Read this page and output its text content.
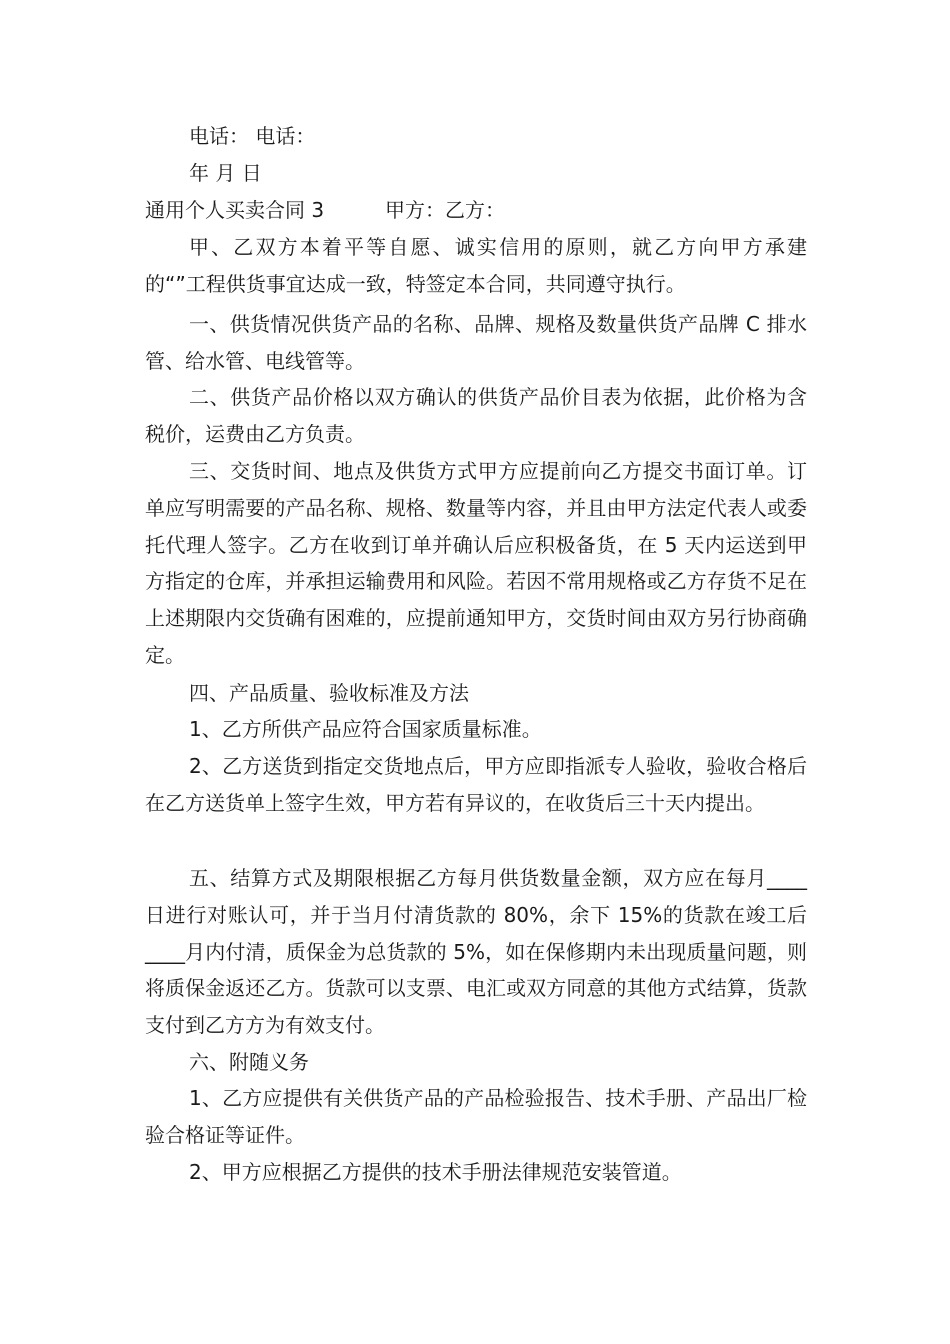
电话： 电话：

年 月 日

通用个人买卖合同 3	甲方：乙方：

甲、乙双方本着平等自愿、诚实信用的原则，就乙方向甲方承建的“”工程供货事宜达成一致，特签定本合同，共同遵守执行。

一、供货情况供货产品的名称、品牌、规格及数量供货产品牌 C 排水管、给水管、电线管等。

二、供货产品价格以双方确认的供货产品价目表为依据，此价格为含税价，运费由乙方负责。

三、交货时间、地点及供货方式甲方应提前向乙方提交书面订单。订单应写明需要的产品名称、规格、数量等内容，并且由甲方法定代表人或委托代理人签字。乙方在收到订单并确认后应积极备货，在 5 天内运送到甲方指定的仓库，并承担运输费用和风险。若因不常用规格或乙方存货不足在上述期限内交货确有困难的，应提前通知甲方，交货时间由双方另行协商确定。

四、产品质量、验收标准及方法

1、乙方所供产品应符合国家质量标准。

2、乙方送货到指定交货地点后，甲方应即指派专人验收，验收合格后在乙方送货单上签字生效，甲方若有异议的，在收货后三十天内提出。

五、结算方式及期限根据乙方每月供货数量金额，双方应在每月____日进行对账认可，并于当月付清货款的 80%，余下 15%的货款在竣工后____月内付清，质保金为总货款的 5%，如在保修期内未出现质量问题，则将质保金返还乙方。货款可以支票、电汇或双方同意的其他方式结算，货款支付到乙方方为有效支付。

六、附随义务

1、乙方应提供有关供货产品的产品检验报告、技术手册、产品出厂检验合格证等证件。

2、甲方应根据乙方提供的技术手册法律规范安装管道。
